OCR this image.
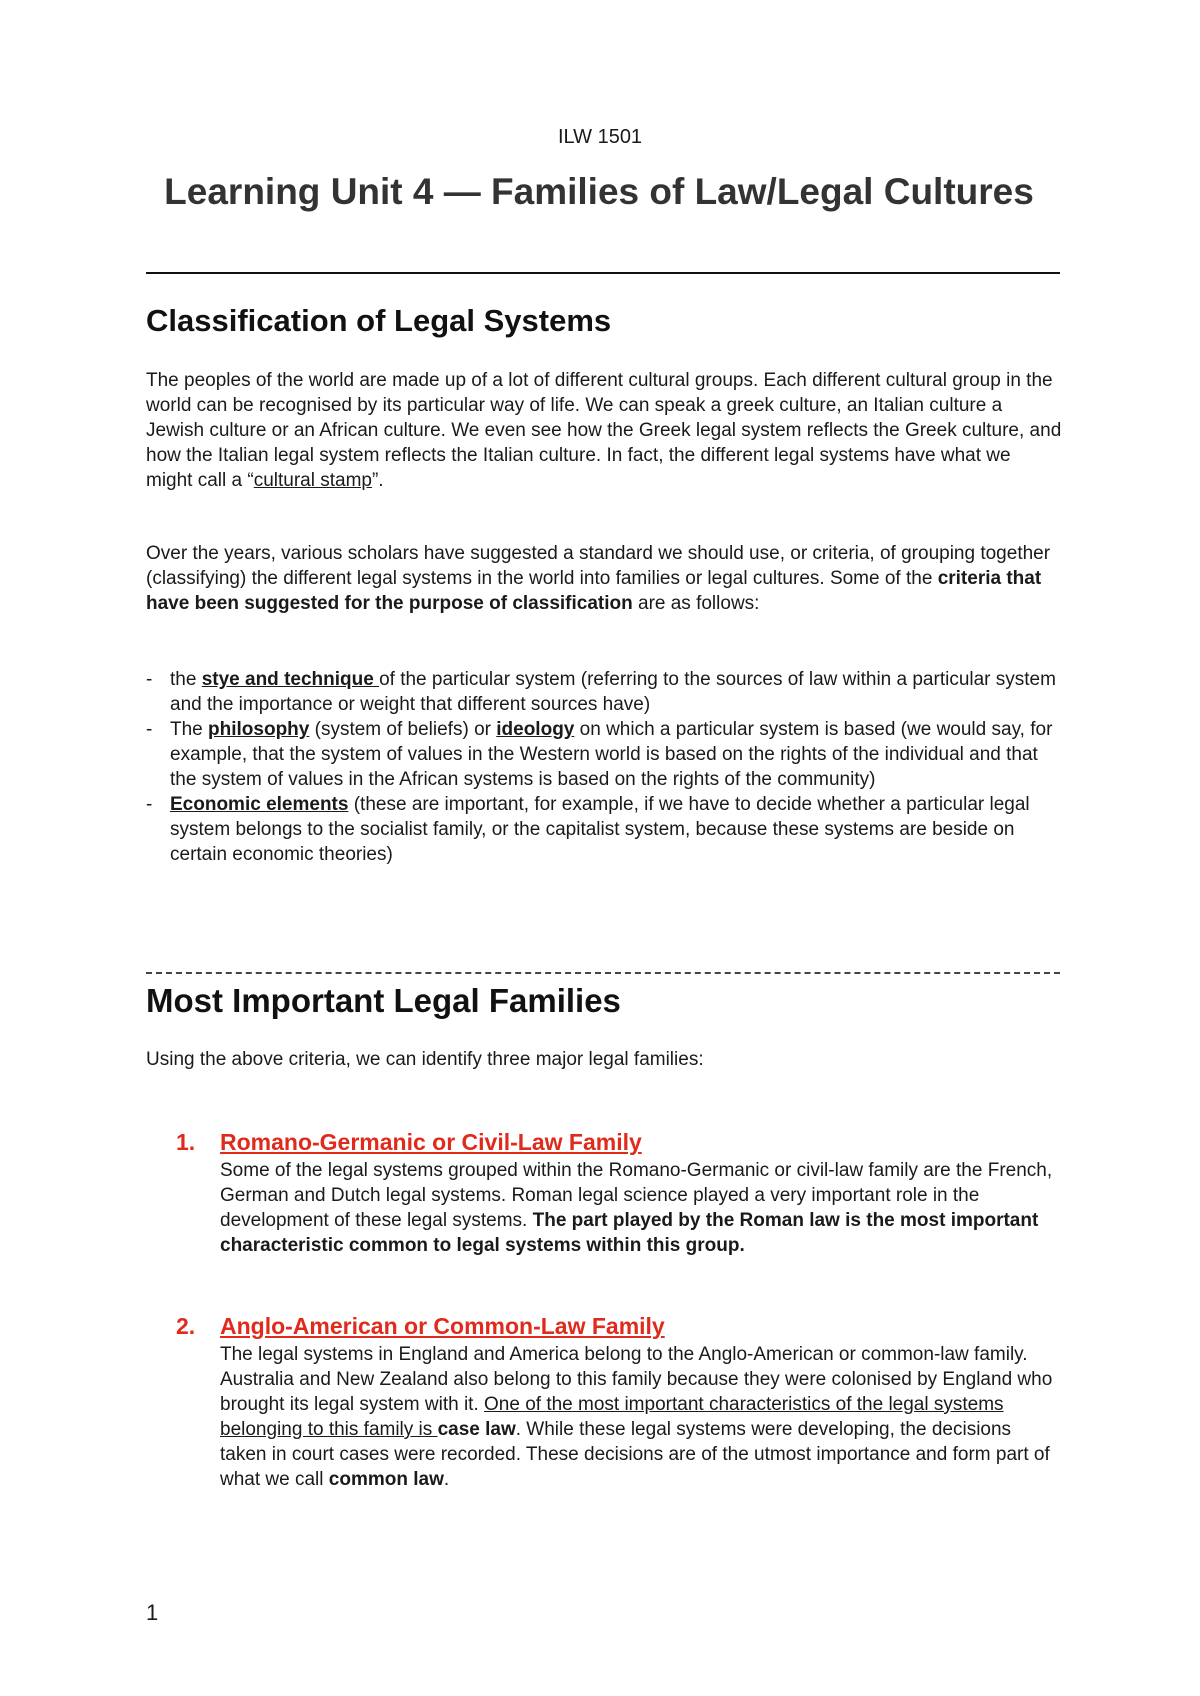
ILW 1501
Learning Unit 4 — Families of Law/Legal Cultures
Classification of Legal Systems
The peoples of the world are made up of a lot of different cultural groups. Each different cultural group in the world can be recognised by its particular way of life. We can speak a greek culture, an Italian culture a Jewish culture or an African culture. We even see how the Greek legal system reflects the Greek culture, and how the Italian legal system reflects the Italian culture. In fact, the different legal systems have what we might call a “cultural stamp”.
Over the years, various scholars have suggested a standard we should use, or criteria, of grouping together (classifying) the different legal systems in the world into families or legal cultures. Some of the criteria that have been suggested for the purpose of classification are as follows:
- the stye and technique of the particular system (referring to the sources of law within a particular system and the importance or weight that different sources have)
- The philosophy (system of beliefs) or ideology on which a particular system is based (we would say, for example, that the system of values in the Western world is based on the rights of the individual and that the system of values in the African systems is based on the rights of the community)
- Economic elements (these are important, for example, if we have to decide whether a particular legal system belongs to the socialist family, or the capitalist system, because these systems are beside on certain economic theories)
Most Important Legal Families
Using the above criteria, we can identify three major legal families:
1. Romano-Germanic or Civil-Law Family
Some of the legal systems grouped within the Romano-Germanic or civil-law family are the French, German and Dutch legal systems. Roman legal science played a very important role in the development of these legal systems. The part played by the Roman law is the most important characteristic common to legal systems within this group.
2. Anglo-American or Common-Law Family
The legal systems in England and America belong to the Anglo-American or common-law family. Australia and New Zealand also belong to this family because they were colonised by England who brought its legal system with it. One of the most important characteristics of the legal systems belonging to this family is case law. While these legal systems were developing, the decisions taken in court cases were recorded. These decisions are of the utmost importance and form part of what we call common law.
1
